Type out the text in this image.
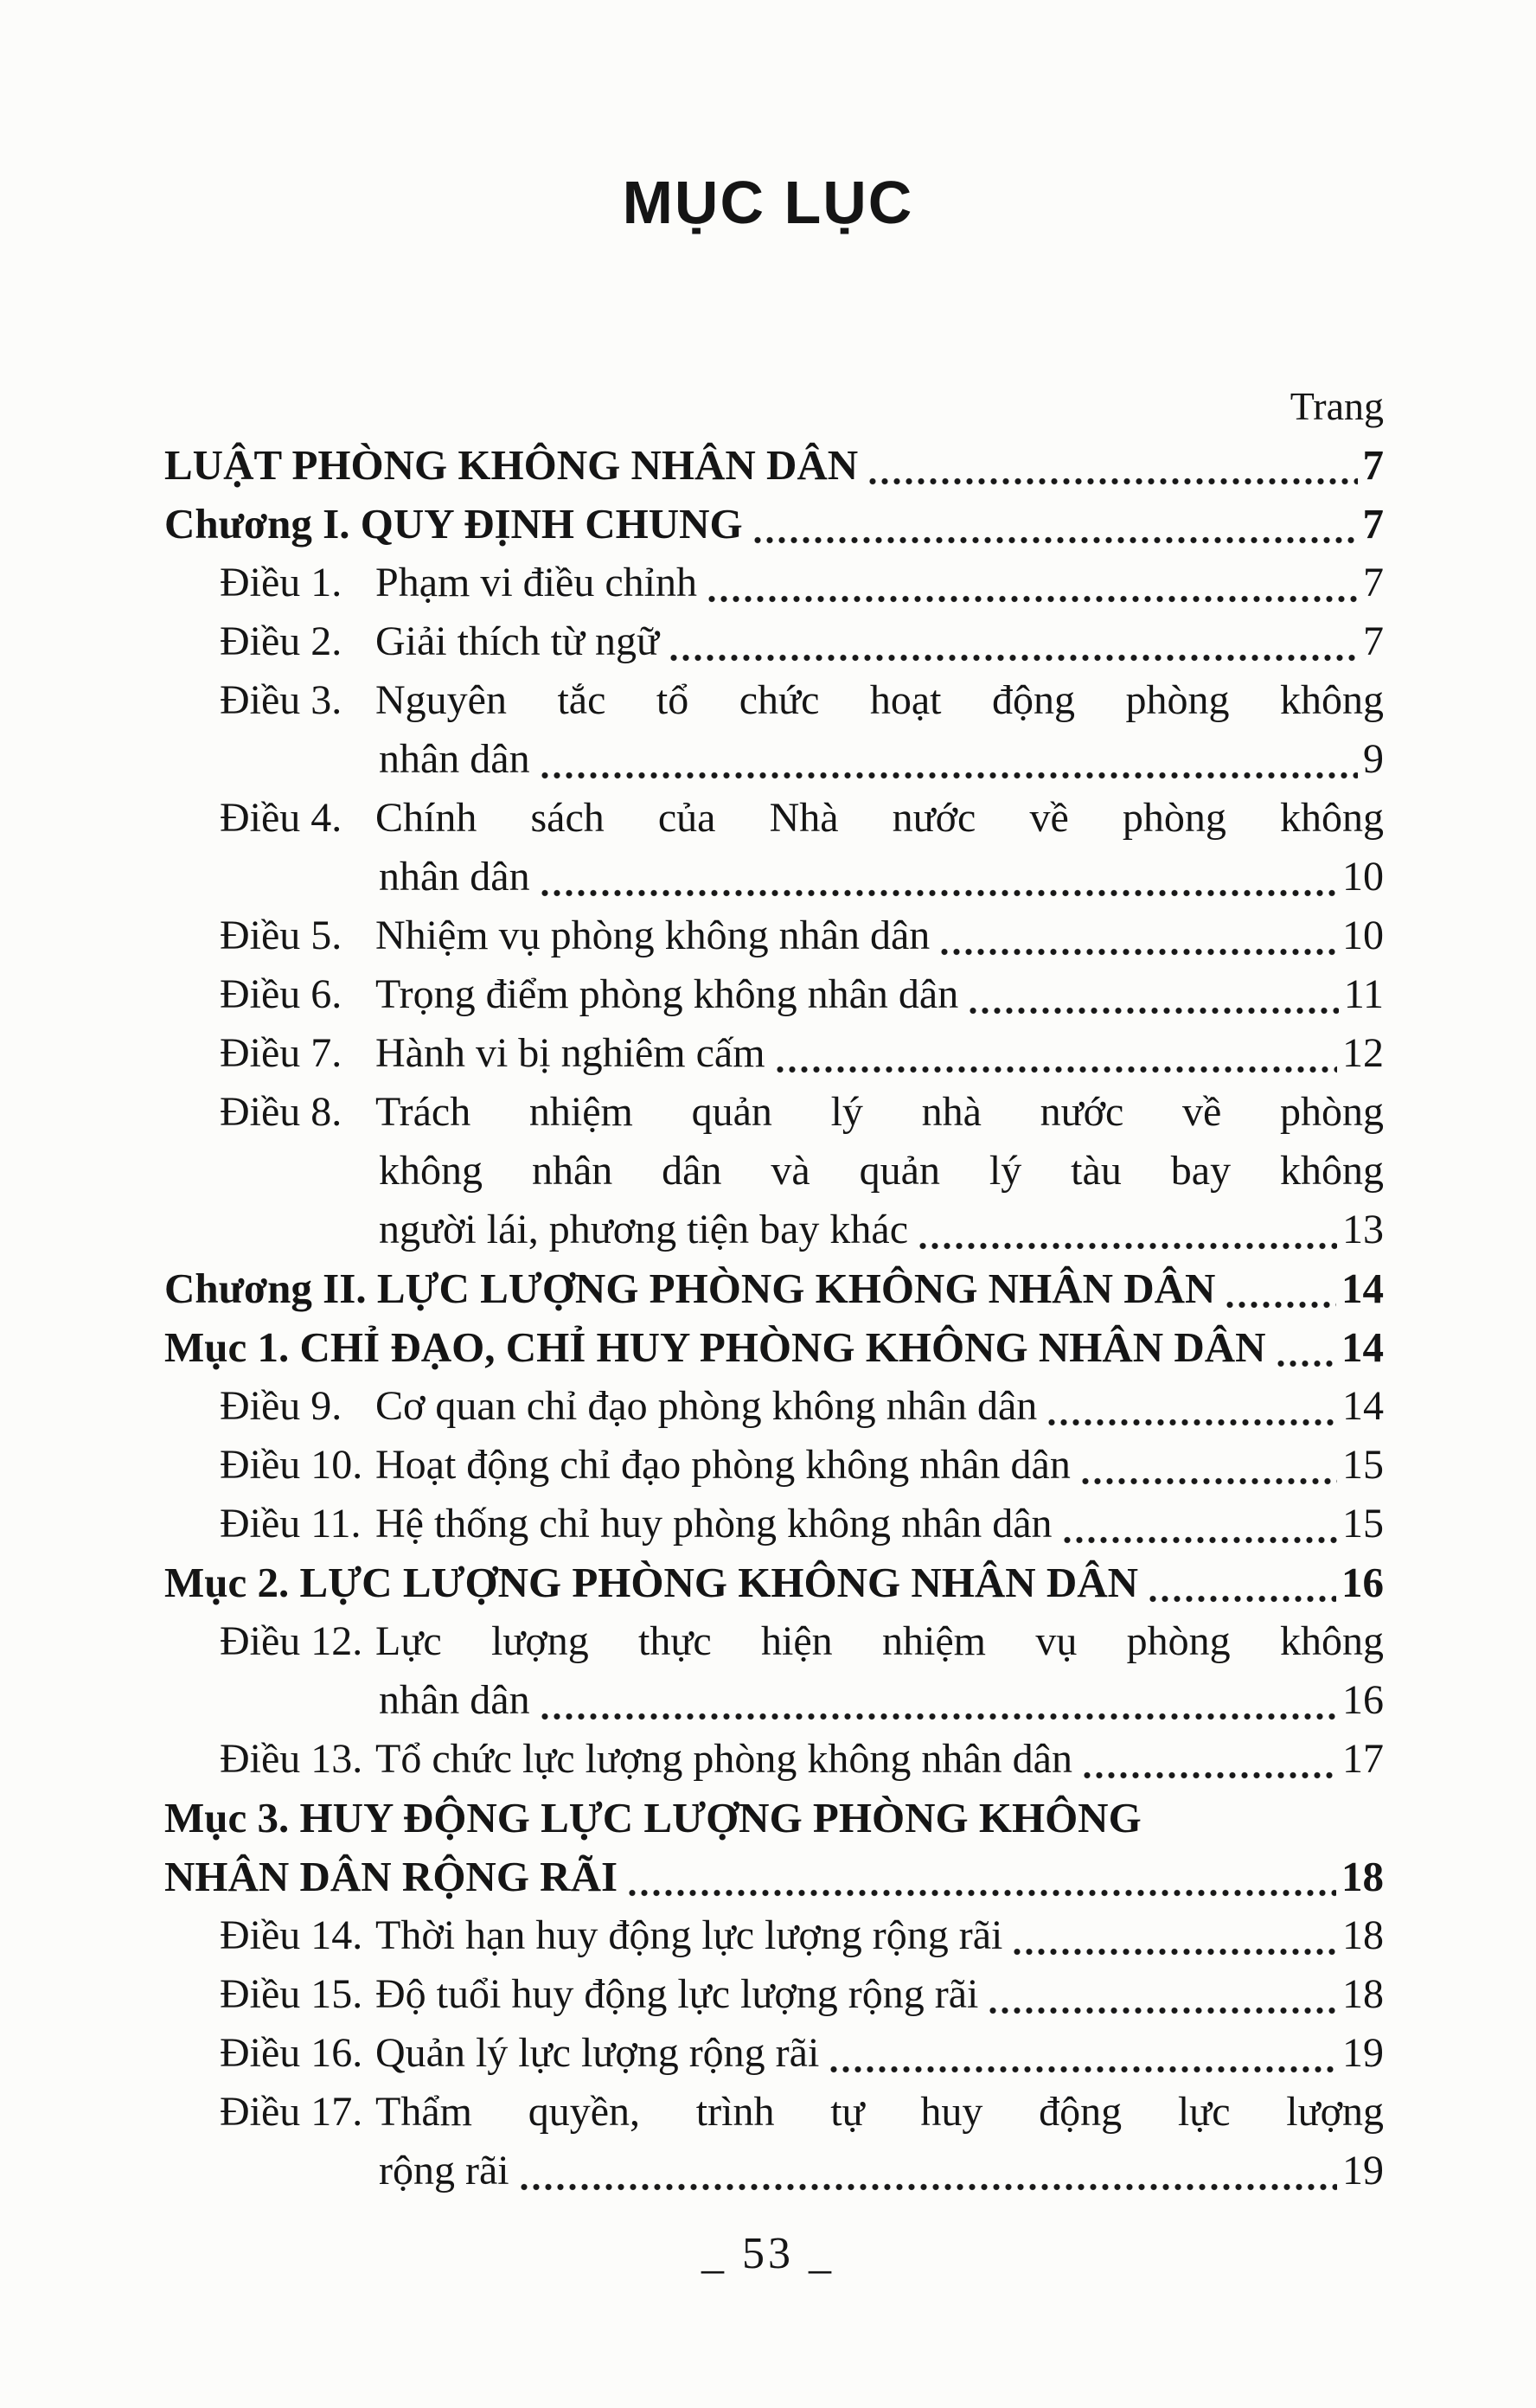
MỤC LỤC
Trang
LUẬT PHÒNG KHÔNG NHÂN DÂN	7
Chương I. QUY ĐỊNH CHUNG	7
Điều 1. Phạm vi điều chỉnh	7
Điều 2. Giải thích từ ngữ	7
Điều 3. Nguyên tắc tổ chức hoạt động phòng không
nhân dân	9
Điều 4. Chính sách của Nhà nước về phòng không
nhân dân	10
Điều 5. Nhiệm vụ phòng không nhân dân	10
Điều 6. Trọng điểm phòng không nhân dân	11
Điều 7. Hành vi bị nghiêm cấm	12
Điều 8. Trách nhiệm quản lý nhà nước về phòng
không nhân dân và quản lý tàu bay không
người lái, phương tiện bay khác	13
Chương II. LỰC LƯỢNG PHÒNG KHÔNG NHÂN DÂN	14
Mục 1. CHỈ ĐẠO, CHỈ HUY PHÒNG KHÔNG NHÂN DÂN 14
Điều 9. Cơ quan chỉ đạo phòng không nhân dân	14
Điều 10. Hoạt động chỉ đạo phòng không nhân dân	15
Điều 11. Hệ thống chỉ huy phòng không nhân dân	15
Mục 2. LỰC LƯỢNG PHÒNG KHÔNG NHÂN DÂN	16
Điều 12. Lực lượng thực hiện nhiệm vụ phòng không
nhân dân	16
Điều 13. Tổ chức lực lượng phòng không nhân dân	17
Mục 3. HUY ĐỘNG LỰC LƯỢNG PHÒNG KHÔNG
NHÂN DÂN RỘNG RÃI	18
Điều 14. Thời hạn huy động lực lượng rộng rãi	18
Điều 15. Độ tuổi huy động lực lượng rộng rãi	18
Điều 16. Quản lý lực lượng rộng rãi	19
Điều 17. Thẩm quyền, trình tự huy động lực lượng
rộng rãi	19
_ 53 _
